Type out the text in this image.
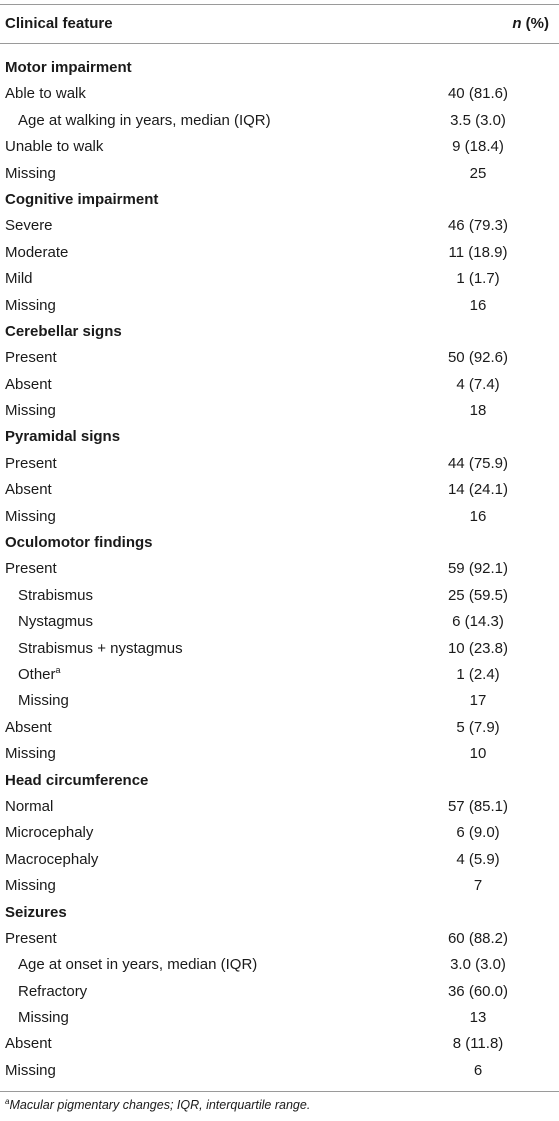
Clinical feature	n (%)
Motor impairment
Able to walk	40 (81.6)
Age at walking in years, median (IQR)	3.5 (3.0)
Unable to walk	9 (18.4)
Missing	25
Cognitive impairment
Severe	46 (79.3)
Moderate	11 (18.9)
Mild	1 (1.7)
Missing	16
Cerebellar signs
Present	50 (92.6)
Absent	4 (7.4)
Missing	18
Pyramidal signs
Present	44 (75.9)
Absent	14 (24.1)
Missing	16
Oculomotor findings
Present	59 (92.1)
Strabismus	25 (59.5)
Nystagmus	6 (14.3)
Strabismus + nystagmus	10 (23.8)
Other$^a$	1 (2.4)
Missing	17
Absent	5 (7.9)
Missing	10
Head circumference
Normal	57 (85.1)
Microcephaly	6 (9.0)
Macrocephaly	4 (5.9)
Missing	7
Seizures
Present	60 (88.2)
Age at onset in years, median (IQR)	3.0 (3.0)
Refractory	36 (60.0)
Missing	13
Absent	8 (11.8)
Missing	6
$^a$Macular pigmentary changes; IQR, interquartile range.
